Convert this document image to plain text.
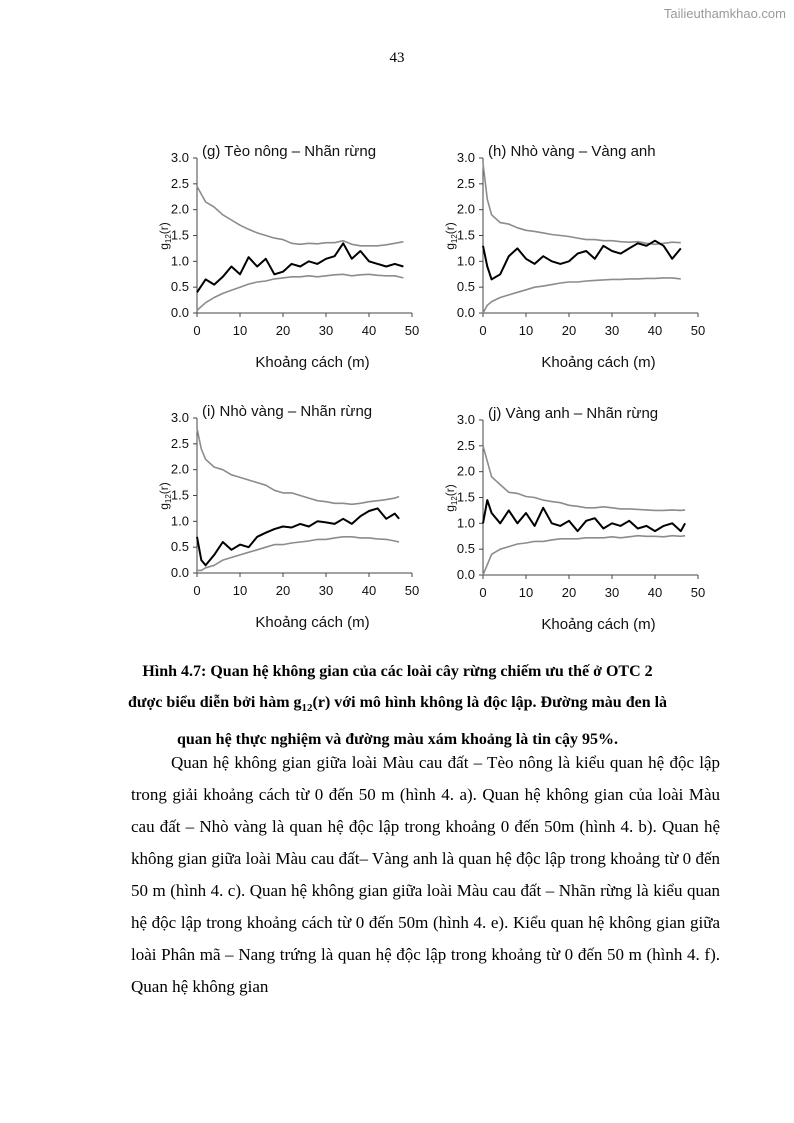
Tailieuthamkhao.com
43
(g) Tèo nông – Nhãn rừng
0.0
0.5
1.0
1.5
2.0
2.5
3.0
0 10 20 30 40 50
Khoảng cách (m)
$g_{12}(r)$
(h) Nhò vàng – Vàng anh
0.0
0.5
1.0
1.5
2.0
2.5
3.0
0 10 20 30 40 50
Khoảng cách (m)
$g_{12}(r)$
(i) Nhò vàng – Nhãn rừng
0.0
0.5
1.0
1.5
2.0
2.5
3.0
0 10 20 30 40 50
Khoảng cách (m)
$g_{12}(r)$
(j) Vàng anh – Nhãn rừng
0.0
0.5
1.0
1.5
2.0
2.5
3.0
0 10 20 30 40 50
Khoảng cách (m)
$g_{12}(r)$
Hình 4.7: Quan hệ không gian của các loài cây rừng chiếm ưu thế ở OTC 2
được biểu diễn bởi hàm $g_{12}(r)$ với mô hình không là độc lập. Đường màu đen là quan hệ thực nghiệm và đường màu xám khoảng là tin cậy 95%.

Quan hệ không gian giữa loài Màu cau đất – Tèo nông là kiểu quan hệ độc lập trong giải khoảng cách từ 0 đến 50 m (hình 4. a). Quan hệ không gian của loài Màu cau đất – Nhò vàng là quan hệ độc lập trong khoảng 0 đến 50m (hình 4. b). Quan hệ không gian giữa loài Màu cau đất– Vàng anh là quan hệ độc lập trong khoảng từ 0 đến 50 m (hình 4. c). Quan hệ không gian giữa loài Màu cau đất – Nhãn rừng là kiểu quan hệ độc lập trong khoảng cách từ 0 đến 50m (hình 4. e). Kiểu quan hệ không gian giữa loài Phân mã – Nang trứng là quan hệ độc lập trong khoảng từ 0 đến 50 m (hình 4. f). Quan hệ không gian
